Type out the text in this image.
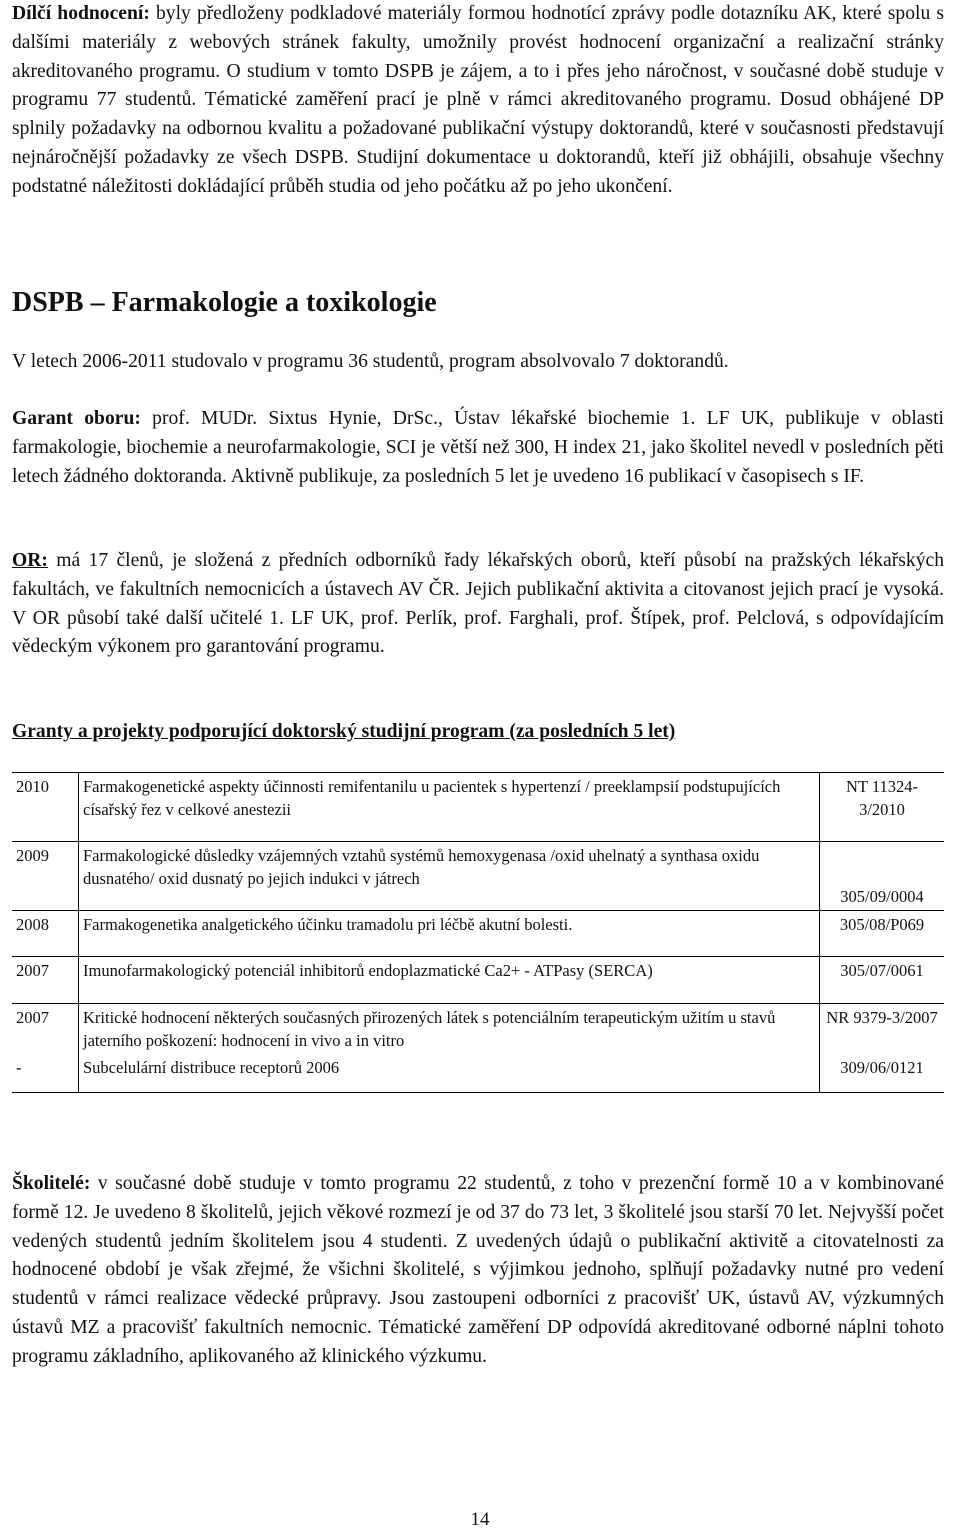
Dílčí hodnocení: byly předloženy podkladové materiály formou hodnotící zprávy podle dotazníku AK, které spolu s dalšími materiály z webových stránek fakulty, umožnily provést hodnocení organizační a realizační stránky akreditovaného programu. O studium v tomto DSPB je zájem, a to i přes jeho náročnost, v současné době studuje v programu 77 studentů. Tématické zaměření prací je plně v rámci akreditovaného programu. Dosud obhájené DP splnily požadavky na odbornou kvalitu a požadované publikační výstupy doktorandů, které v současnosti představují nejnáročnější požadavky ze všech DSPB. Studijní dokumentace u doktorandů, kteří již obhájili, obsahuje všechny podstatné náležitosti dokládající průběh studia od jeho počátku až po jeho ukončení.

DSPB – Farmakologie a toxikologie

V letech 2006-2011 studovalo v programu 36 studentů, program absolvovalo 7 doktorandů.

Garant oboru: prof. MUDr. Sixtus Hynie, DrSc., Ústav lékařské biochemie 1. LF UK, publikuje v oblasti farmakologie, biochemie a neurofarmakologie, SCI je větší než 300, H index 21, jako školitel nevedl v posledních pěti letech žádného doktoranda. Aktivně publikuje, za posledních 5 let je uvedeno 16 publikací v časopisech s IF.

OR: má 17 členů, je složená z předních odborníků řady lékařských oborů, kteří působí na pražských lékařských fakultách, ve fakultních nemocnicích a ústavech AV ČR. Jejich publikační aktivita a citovanost jejich prací je vysoká. V OR působí také další učitelé 1. LF UK, prof. Perlík, prof. Farghali, prof. Štípek, prof. Pelclová, s odpovídajícím vědeckým výkonem pro garantování programu.

Granty a projekty podporující doktorský studijní program (za posledních 5 let)

2010	Farmakogenetické aspekty účinnosti remifentanilu u pacientek s hypertenzí / preeklampsií podstupujících císařský řez v celkové anestezii	NT 11324-3/2010
2009	Farmakologické důsledky vzájemných vztahů systémů hemoxygenasa /oxid uhelnatý a synthasa oxidu dusnatého/ oxid dusnatý po jejich indukci v játrech	305/09/0004
2008	Farmakogenetika analgetického účinku tramadolu pri léčbě akutní bolesti.	305/08/P069
2007	Imunofarmakologický potenciál inhibitorů endoplazmatické Ca2+ - ATPasy (SERCA)	305/07/0061
2007	Kritické hodnocení některých současných přirozených látek s potenciálním terapeutickým užitím u stavů jaterního poškození: hodnocení in vivo a in vitro	NR 9379-3/2007
-	Subcelulární distribuce receptorů 2006	309/06/0121

Školitelé: v současné době studuje v tomto programu 22 studentů, z toho v prezenční formě 10 a v kombinované formě 12. Je uvedeno 8 školitelů, jejich věkové rozmezí je od 37 do 73 let, 3 školitelé jsou starší 70 let. Nejvyšší počet vedených studentů jedním školitelem jsou 4 studenti. Z uvedených údajů o publikační aktivitě a citovatelnosti za hodnocené období je však zřejmé, že všichni školitelé, s výjimkou jednoho, splňují požadavky nutné pro vedení studentů v rámci realizace vědecké průpravy. Jsou zastoupeni odborníci z pracovišť UK, ústavů AV, výzkumných ústavů MZ a pracovišť fakultních nemocnic. Tématické zaměření DP odpovídá akreditované odborné náplni tohoto programu základního, aplikovaného až klinického výzkumu.

14
